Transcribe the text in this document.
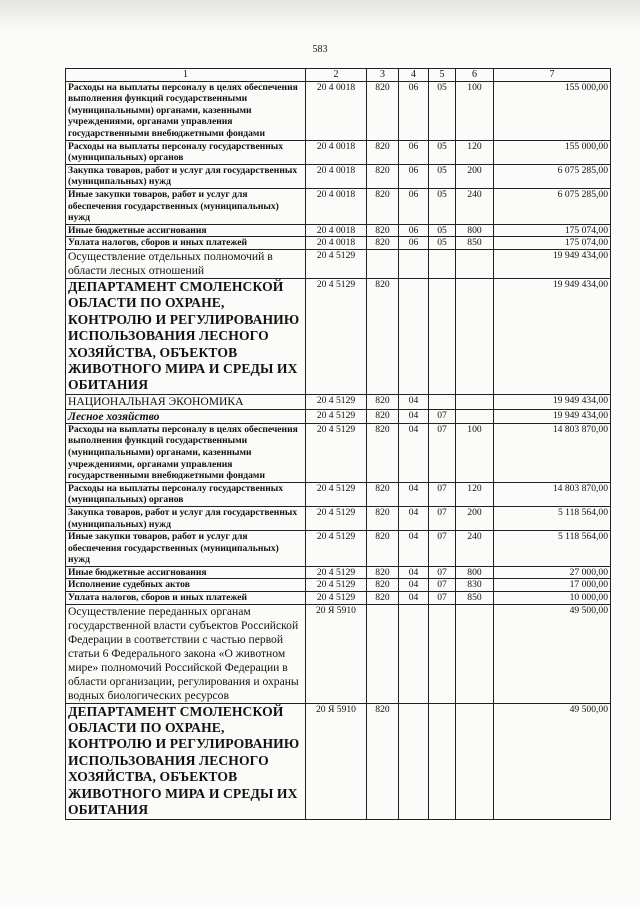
583
1	2	3	4	5	6	7
Расходы на выплаты персоналу в целях обеспечения выполнения функций государственными (муниципальными) органами, казенными учреждениями, органами управления государственными внебюджетными фондами	20 4 0018	820	06	05	100	155 000,00
Расходы на выплаты персоналу государственных (муниципальных) органов	20 4 0018	820	06	05	120	155 000,00
Закупка товаров, работ и услуг для государственных (муниципальных) нужд	20 4 0018	820	06	05	200	6 075 285,00
Иные закупки товаров, работ и услуг для обеспечения государственных (муниципальных) нужд	20 4 0018	820	06	05	240	6 075 285,00
Иные бюджетные ассигнования	20 4 0018	820	06	05	800	175 074,00
Уплата налогов, сборов и иных платежей	20 4 0018	820	06	05	850	175 074,00
Осуществление отдельных полномочий в области лесных отношений	20 4 5129					19 949 434,00
ДЕПАРТАМЕНТ СМОЛЕНСКОЙ ОБЛАСТИ ПО ОХРАНЕ, КОНТРОЛЮ И РЕГУЛИРОВАНИЮ ИСПОЛЬЗОВАНИЯ ЛЕСНОГО ХОЗЯЙСТВА, ОБЪЕКТОВ ЖИВОТНОГО МИРА И СРЕДЫ ИХ ОБИТАНИЯ	20 4 5129	820				19 949 434,00
НАЦИОНАЛЬНАЯ ЭКОНОМИКА	20 4 5129	820	04			19 949 434,00
Лесное хозяйство	20 4 5129	820	04	07		19 949 434,00
Расходы на выплаты персоналу в целях обеспечения выполнения функций государственными (муниципальными) органами, казенными учреждениями, органами управления государственными внебюджетными фондами	20 4 5129	820	04	07	100	14 803 870,00
Расходы на выплаты персоналу государственных (муниципальных) органов	20 4 5129	820	04	07	120	14 803 870,00
Закупка товаров, работ и услуг для государственных (муниципальных) нужд	20 4 5129	820	04	07	200	5 118 564,00
Иные закупки товаров, работ и услуг для обеспечения государственных (муниципальных) нужд	20 4 5129	820	04	07	240	5 118 564,00
Иные бюджетные ассигнования	20 4 5129	820	04	07	800	27 000,00
Исполнение судебных актов	20 4 5129	820	04	07	830	17 000,00
Уплата налогов, сборов и иных платежей	20 4 5129	820	04	07	850	10 000,00
Осуществление переданных органам государственной власти субъектов Российской Федерации в соответствии с частью первой статьи 6 Федерального закона «О животном мире» полномочий Российской Федерации в области организации, регулирования и охраны водных биологических ресурсов	20 Я 5910					49 500,00
ДЕПАРТАМЕНТ СМОЛЕНСКОЙ ОБЛАСТИ ПО ОХРАНЕ, КОНТРОЛЮ И РЕГУЛИРОВАНИЮ ИСПОЛЬЗОВАНИЯ ЛЕСНОГО ХОЗЯЙСТВА, ОБЪЕКТОВ ЖИВОТНОГО МИРА И СРЕДЫ ИХ ОБИТАНИЯ	20 Я 5910	820				49 500,00
